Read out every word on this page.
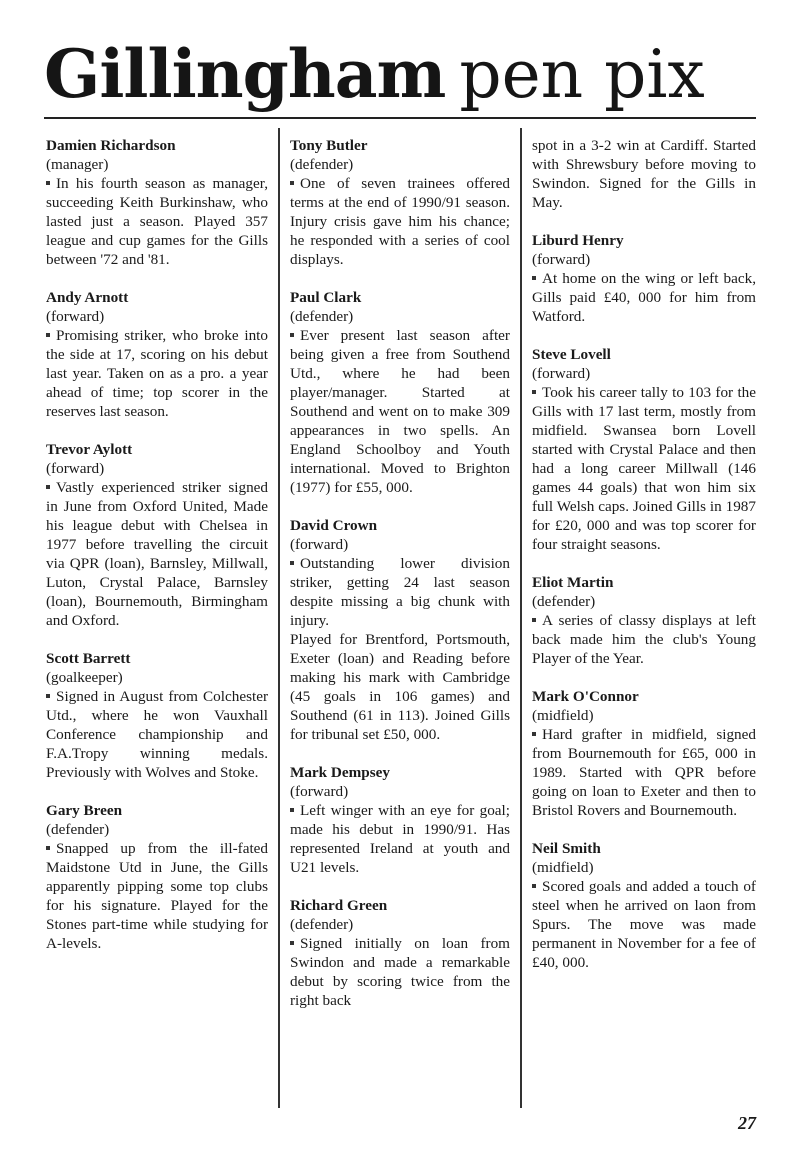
Gillingham pen pix
Damien Richardson
(manager)
In his fourth season as manager, succeeding Keith Burkinshaw, who lasted just a season. Played 357 league and cup games for the Gills between '72 and '81.
Andy Arnott
(forward)
Promising striker, who broke into the side at 17, scoring on his debut last year. Taken on as a pro. a year ahead of time; top scorer in the reserves last season.
Trevor Aylott
(forward)
Vastly experienced striker signed in June from Oxford United, Made his league debut with Chelsea in 1977 before travelling the circuit via QPR (loan), Barnsley, Millwall, Luton, Crystal Palace, Barnsley (loan), Bournemouth, Birmingham and Oxford.
Scott Barrett
(goalkeeper)
Signed in August from Colchester Utd., where he won Vauxhall Conference championship and F.A.Tropy winning medals. Previously with Wolves and Stoke.
Gary Breen
(defender)
Snapped up from the ill-fated Maidstone Utd in June, the Gills apparently pipping some top clubs for his signature. Played for the Stones part-time while studying for A-levels.
Tony Butler
(defender)
One of seven trainees offered terms at the end of 1990/91 season. Injury crisis gave him his chance; he responded with a series of cool displays.
Paul Clark
(defender)
Ever present last season after being given a free from Southend Utd., where he had been player/manager. Started at Southend and went on to make 309 appearances in two spells. An England Schoolboy and Youth international. Moved to Brighton (1977) for £55, 000.
David Crown
(forward)
Outstanding lower division striker, getting 24 last season despite missing a big chunk with injury.
Played for Brentford, Portsmouth, Exeter (loan) and Reading before making his mark with Cambridge (45 goals in 106 games) and Southend (61 in 113). Joined Gills for tribunal set £50, 000.
Mark Dempsey
(forward)
Left winger with an eye for goal; made his debut in 1990/91. Has represented Ireland at youth and U21 levels.
Richard Green
(defender)
Signed initially on loan from Swindon and made a remarkable debut by scoring twice from the right back
spot in a 3-2 win at Cardiff. Started with Shrewsbury before moving to Swindon. Signed for the Gills in May.
Liburd Henry
(forward)
At home on the wing or left back, Gills paid £40, 000 for him from Watford.
Steve Lovell
(forward)
Took his career tally to 103 for the Gills with 17 last term, mostly from midfield. Swansea born Lovell started with Crystal Palace and then had a long career Millwall (146 games 44 goals) that won him six full Welsh caps. Joined Gills in 1987 for £20, 000 and was top scorer for four straight seasons.
Eliot Martin
(defender)
A series of classy displays at left back made him the club's Young Player of the Year.
Mark O'Connor
(midfield)
Hard grafter in midfield, signed from Bournemouth for £65, 000 in 1989. Started with QPR before going on loan to Exeter and then to Bristol Rovers and Bournemouth.
Neil Smith
(midfield)
Scored goals and added a touch of steel when he arrived on laon from Spurs. The move was made permanent in November for a fee of £40, 000.
27
